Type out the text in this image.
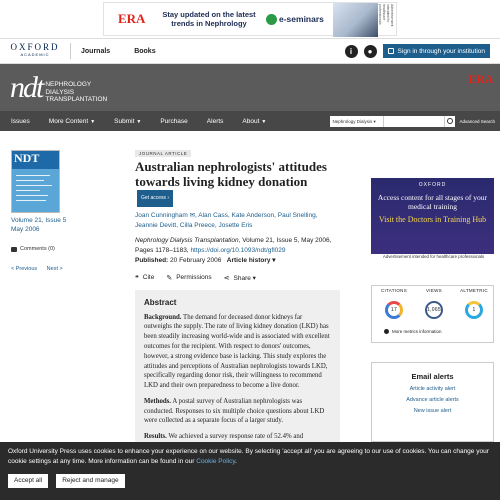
ERA	Stay updated on the latest trends in Nephrology	e-seminars	Advertisement intended for healthcare professionals
OXFORD
ACADEMIC	Journals	Books	i	●	Sign in through your institution
ndt NEPHROLOGY
DIALYSIS
TRANSPLANTATION
ERA
Issues	More Content ▼	Submit ▼	Purchase	Alerts	About ▼	Nephrology Dialysis ▾	Advanced Search
NDT
Volume 21, Issue 5
May 2006
Comments (0)
< Previous Next >
JOURNAL ARTICLE
Australian nephrologists' attitudes towards living kidney donation Get access ›
Joan Cunningham ✉, Alan Cass, Kate Anderson, Paul Snelling, Jeannie Devitt, Cilla Preece, Josette Eris
Nephrology Dialysis Transplantation, Volume 21, Issue 5, May 2006, Pages 1178–1183, https://doi.org/10.1093/ndt/gfl029
Published: 20 February 2006 Article history ▾
❝ Cite ✎ Permissions ⋖ Share ▾
Abstract

Background. The demand for deceased donor kidneys far outweighs the supply. The rate of living kidney donation (LKD) has been steadily increasing world-wide and is associated with excellent outcomes for the recipient. With respect to donors' outcomes, however, a strong evidence base is lacking. This study explores the attitudes and perceptions of Australian nephrologists towards LKD, specifically regarding donor risk, their willingness to recommend LKD and their own preparedness to become a live donor.

Methods. A postal survey of Australian nephrologists was conducted. Responses to six multiple choice questions about LKD were collected as a separate focus of a larger study.

Results. We achieved a survey response rate of 52.4% and

OXFORD
Access content for all stages of your medical training
Visit the Doctors in Training Hub
Advertisement intended for healthcare professionals
CITATIONS
17
VIEWS
1,065
ALTMETRIC
1
More metrics information
Email alerts
Article activity alert
Advance article alerts
New issue alert
Oxford University Press uses cookies to enhance your experience on our website. By selecting 'accept all' you are agreeing to our use of cookies. You can change your cookie settings at any time. More information can be found in our Cookie Policy.
Accept all	Reject and manage
